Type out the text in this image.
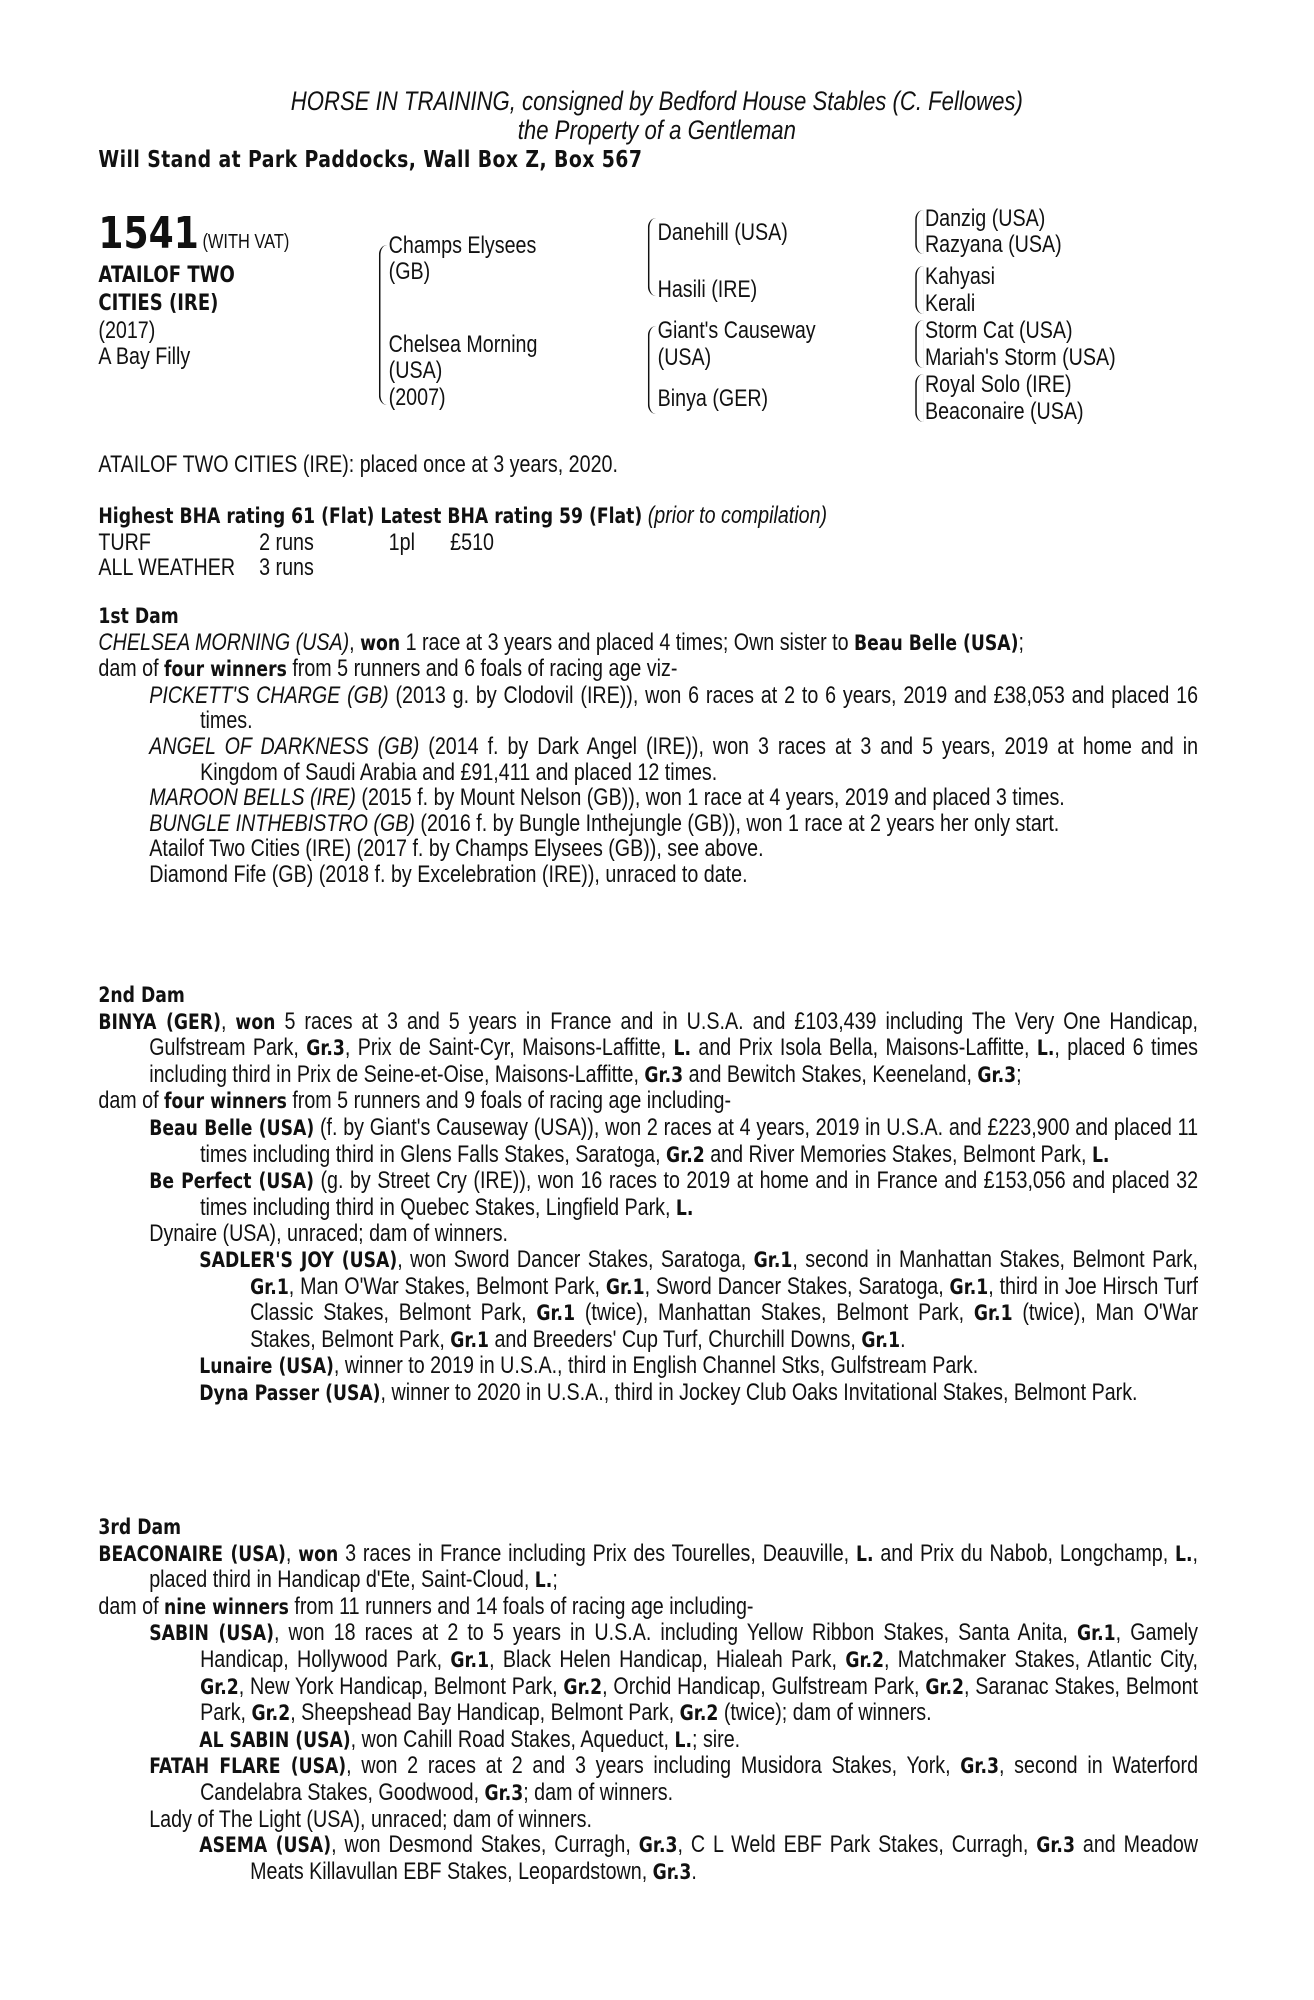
HORSE IN TRAINING, consigned by Bedford House Stables (C. Fellowes)
the Property of a Gentleman
Will Stand at Park Paddocks, Wall Box Z, Box 567
1541 (WITH VAT)
ATAILOF TWO
CITIES (IRE)
(2017)
A Bay Filly
Champs Elysees
(GB)
Chelsea Morning
(USA)
(2007)
Danehill (USA)
Hasili (IRE)
Giant's Causeway
(USA)
Binya (GER)
Danzig (USA)
Razyana (USA)
Kahyasi
Kerali
Storm Cat (USA)
Mariah's Storm (USA)
Royal Solo (IRE)
Beaconaire (USA)
ATAILOF TWO CITIES (IRE): placed once at 3 years, 2020.
Highest BHA rating 61 (Flat) Latest BHA rating 59 (Flat) (prior to compilation)
TURF	2 runs	1pl £510
ALL WEATHER 3 runs
1st Dam
CHELSEA MORNING (USA), won 1 race at 3 years and placed 4 times; Own sister to Beau Belle (USA);
dam of four winners from 5 runners and 6 foals of racing age viz-
PICKETT'S CHARGE (GB) (2013 g. by Clodovil (IRE)), won 6 races at 2 to 6 years, 2019 and £38,053 and placed 16 times.
ANGEL OF DARKNESS (GB) (2014 f. by Dark Angel (IRE)), won 3 races at 3 and 5 years, 2019 at home and in Kingdom of Saudi Arabia and £91,411 and placed 12 times.
MAROON BELLS (IRE) (2015 f. by Mount Nelson (GB)), won 1 race at 4 years, 2019 and placed 3 times.
BUNGLE INTHEBISTRO (GB) (2016 f. by Bungle Inthejungle (GB)), won 1 race at 2 years her only start.
Atailof Two Cities (IRE) (2017 f. by Champs Elysees (GB)), see above.
Diamond Fife (GB) (2018 f. by Excelebration (IRE)), unraced to date.
2nd Dam
BINYA (GER), won 5 races at 3 and 5 years in France and in U.S.A. and £103,439 including The Very One Handicap, Gulfstream Park, Gr.3, Prix de Saint-Cyr, Maisons-Laffitte, L. and Prix Isola Bella, Maisons-Laffitte, L., placed 6 times including third in Prix de Seine-et-Oise, Maisons-Laffitte, Gr.3 and Bewitch Stakes, Keeneland, Gr.3;
dam of four winners from 5 runners and 9 foals of racing age including-
Beau Belle (USA) (f. by Giant's Causeway (USA)), won 2 races at 4 years, 2019 in U.S.A. and £223,900 and placed 11 times including third in Glens Falls Stakes, Saratoga, Gr.2 and River Memories Stakes, Belmont Park, L.
Be Perfect (USA) (g. by Street Cry (IRE)), won 16 races to 2019 at home and in France and £153,056 and placed 32 times including third in Quebec Stakes, Lingfield Park, L.
Dynaire (USA), unraced; dam of winners.
SADLER'S JOY (USA), won Sword Dancer Stakes, Saratoga, Gr.1, second in Manhattan Stakes, Belmont Park, Gr.1, Man O'War Stakes, Belmont Park, Gr.1, Sword Dancer Stakes, Saratoga, Gr.1, third in Joe Hirsch Turf Classic Stakes, Belmont Park, Gr.1 (twice), Manhattan Stakes, Belmont Park, Gr.1 (twice), Man O'War Stakes, Belmont Park, Gr.1 and Breeders' Cup Turf, Churchill Downs, Gr.1.
Lunaire (USA), winner to 2019 in U.S.A., third in English Channel Stks, Gulfstream Park.
Dyna Passer (USA), winner to 2020 in U.S.A., third in Jockey Club Oaks Invitational Stakes, Belmont Park.
3rd Dam
BEACONAIRE (USA), won 3 races in France including Prix des Tourelles, Deauville, L. and Prix du Nabob, Longchamp, L., placed third in Handicap d'Ete, Saint-Cloud, L.;
dam of nine winners from 11 runners and 14 foals of racing age including-
SABIN (USA), won 18 races at 2 to 5 years in U.S.A. including Yellow Ribbon Stakes, Santa Anita, Gr.1, Gamely Handicap, Hollywood Park, Gr.1, Black Helen Handicap, Hialeah Park, Gr.2, Matchmaker Stakes, Atlantic City, Gr.2, New York Handicap, Belmont Park, Gr.2, Orchid Handicap, Gulfstream Park, Gr.2, Saranac Stakes, Belmont Park, Gr.2, Sheepshead Bay Handicap, Belmont Park, Gr.2 (twice); dam of winners.
AL SABIN (USA), won Cahill Road Stakes, Aqueduct, L.; sire.
FATAH FLARE (USA), won 2 races at 2 and 3 years including Musidora Stakes, York, Gr.3, second in Waterford Candelabra Stakes, Goodwood, Gr.3; dam of winners.
Lady of The Light (USA), unraced; dam of winners.
ASEMA (USA), won Desmond Stakes, Curragh, Gr.3, C L Weld EBF Park Stakes, Curragh, Gr.3 and Meadow Meats Killavullan EBF Stakes, Leopardstown, Gr.3.
